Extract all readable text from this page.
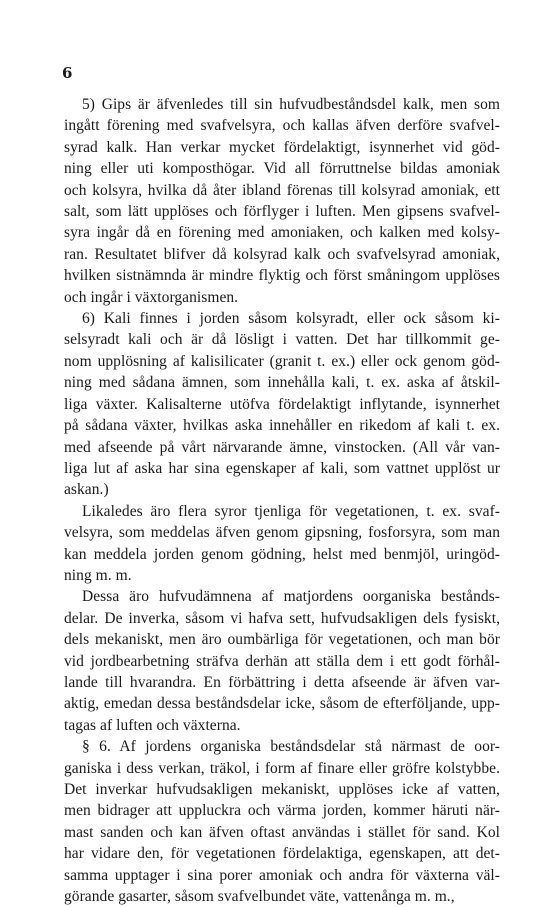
6
5) Gips är äfvenledes till sin hufvudbeståndsdel kalk, men som
ingått förening med svafvelsyra, och kallas äfven derföre svafvel-
syrad kalk. Han verkar mycket fördelaktigt, isynnerhet vid göd-
ning eller uti komposthögar. Vid all förruttnelse bildas amoniak
och kolsyra, hvilka då åter ibland förenas till kolsyrad amoniak, ett
salt, som lätt upplöses och förflyger i luften. Men gipsens svafvel-
syra ingår då en förening med amoniaken, och kalken med kolsy-
ran. Resultatet blifver då kolsyrad kalk och svafvelsyrad amoniak,
hvilken sistnämnda är mindre flyktig och först småningom upplöses
och ingår i växtorganismen.
6) Kali finnes i jorden såsom kolsyradt, eller ock såsom ki-
selsyradt kali och är då lösligt i vatten. Det har tillkommit ge-
nom upplösning af kalisilicater (granit t. ex.) eller ock genom göd-
ning med sådana ämnen, som innehålla kali, t. ex. aska af åtskil-
liga växter. Kalisalterne utöfva fördelaktigt inflytande, isynnerhet
på sådana växter, hvilkas aska innehåller en rikedom af kali t. ex.
med afseende på vårt närvarande ämne, vinstocken. (All vår van-
liga lut af aska har sina egenskaper af kali, som vattnet upplöst ur
askan.)
Likaledes äro flera syror tjenliga för vegetationen, t. ex. svaf-
velsyra, som meddelas äfven genom gipsning, fosforsyra, som man
kan meddela jorden genom gödning, helst med benmjöl, uringöd-
ning m. m.
Dessa äro hufvudämnena af matjordens oorganiska bestånds-
delar. De inverka, såsom vi hafva sett, hufvudsakligen dels fysiskt,
dels mekaniskt, men äro oumbärliga för vegetationen, och man bör
vid jordbearbetning sträfva derhän att ställa dem i ett godt förhål-
lande till hvarandra. En förbättring i detta afseende är äfven var-
aktig, emedan dessa beståndsdelar icke, såsom de efterföljande, upp-
tagas af luften och växterna.
§ 6. Af jordens organiska beståndsdelar stå närmast de oor-
ganiska i dess verkan, träkol, i form af finare eller gröfre kolstybbe.
Det inverkar hufvudsakligen mekaniskt, upplöses icke af vatten,
men bidrager att uppluckra och värma jorden, kommer häruti när-
mast sanden och kan äfven oftast användas i stället för sand. Kol
har vidare den, för vegetationen fördelaktiga, egenskapen, att det-
samma upptager i sina porer amoniak och andra för växterna väl-
görande gasarter, såsom svafvelbundet väte, vattenånga m. m.,
